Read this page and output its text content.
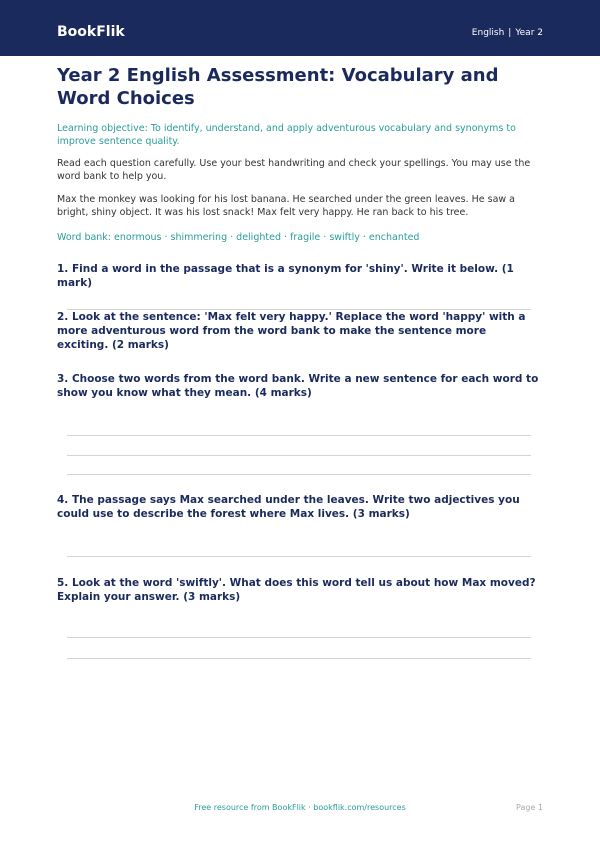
BookFlik	English | Year 2
Year 2 English Assessment: Vocabulary and Word Choices

Learning objective: To identify, understand, and apply adventurous vocabulary and synonyms to improve sentence quality.

Read each question carefully. Use your best handwriting and check your spellings. You may use the word bank to help you.

Max the monkey was looking for his lost banana. He searched under the green leaves. He saw a bright, shiny object. It was his lost snack! Max felt very happy. He ran back to his tree.

Word bank: enormous · shimmering · delighted · fragile · swiftly · enchanted

1. Find a word in the passage that is a synonym for 'shiny'. Write it below. (1 mark)

2. Look at the sentence: 'Max felt very happy.' Replace the word 'happy' with a more adventurous word from the word bank to make the sentence more exciting. (2 marks)

3. Choose two words from the word bank. Write a new sentence for each word to show you know what they mean. (4 marks)

4. The passage says Max searched under the leaves. Write two adjectives you could use to describe the forest where Max lives. (3 marks)

5. Look at the word 'swiftly'. What does this word tell us about how Max moved? Explain your answer. (3 marks)

Free resource from BookFlik · bookflik.com/resources	Page 1
